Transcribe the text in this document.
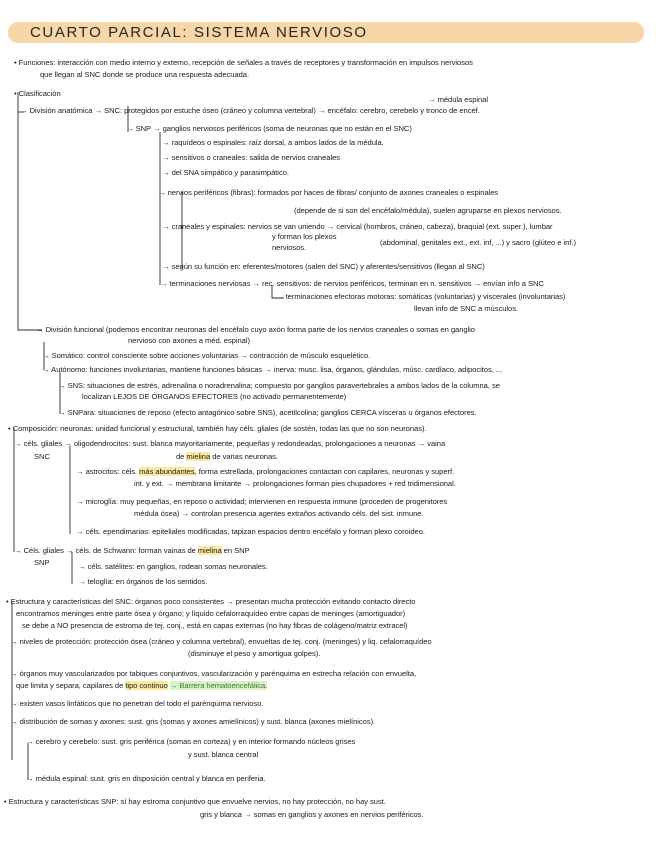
CUARTO PARCIAL: SISTEMA NERVIOSO
• Funciones: interacción con medio interno y externo, recepción de señales a través de receptores y transformación en impulsos nerviosos
que llegan al SNC donde se produce una respuesta adecuada.
• Clasificación
→ médula espinal
→ División anatómica → SNC: protegidos por estuche óseo (cráneo y columna vertebral) → encéfalo: cerebro, cerebelo y tronco de encéf.
→ SNP → ganglios nerviosos periféricos (soma de neuronas que no están en el SNC)
→ raquídeos o espinales: raíz dorsal, a ambos lados de la médula.
→ sensitivos o craneales: salida de nervios craneales
→ del SNA simpático y parasimpático.
→ nervios periféricos (fibras): formados por haces de fibras/ conjunto de axones craneales o espinales
(depende de si son del encéfalo/médula), suelen agruparse en plexos nerviosos.
→ craneales y espinales: nervios se van uniendo → cervical (hombros, cráneo, cabeza), braquial (ext. super.), lumbar
y forman los plexos
nerviosos.
(abdominal, genitales ext., ext. inf, ...) y sacro (glúteo e inf.)
→ según su función en: eferentes/motores (salen del SNC) y aferentes/sensitivos (llegan al SNC)
→ terminaciones nerviosas → rec. sensitivos: de nervios periféricos, terminan en n. sensitivos → envían info a SNC
→ terminaciones efectoras motoras: somáticas (voluntarias) y viscerales (involuntarias)
llevan info de SNC a músculos.
→ División funcional (podemos encontrar neuronas del encéfalo cuyo axón forma parte de los nervios craneales o somas en ganglio
nervioso con axones a méd. espinal)
→ Somático: control consciente sobre acciones voluntarias → contracción de músculo esquelético.
→ Autónomo: funciones involuntarias, mantiene funciones básicas → inerva: musc. lisa, órganos, glándulas, músc. cardíaco, adipocitos, ...
→ SNS: situaciones de estrés, adrenalina o noradrenalina; compuesto por ganglios paravertebrales a ambos lados de la columna, se
localizan LEJOS DE ÓRGANOS EFECTORES (no activado permanentemente)
→ SNPara: situaciones de reposo (efecto antagónico sobre SNS), acetilcolina; ganglios CERCA vísceras u órganos efectores.
• Composición: neuronas: unidad funcional y estructural, también hay céls. gliales (de sostén, todas las que no son neuronas).
→ céls. gliales → oligodendrocitos: sust. blanca mayoritariamente, pequeñas y redondeadas, prolongaciones a neuronas → vaina
SNC	de mielina de varias neuronas.
→ astrocitos: céls. más abundantes, forma estrellada, prolongaciones contactan con capilares, neuronas y superf.
int. y ext. → membrana limitante → prolongaciones forman pies chupadores + red tridimensional.
→ microglía: muy pequeñas, en reposo o actividad; intervienen en respuesta inmune (proceden de progenitores
médula ósea) → controlan presencia agentes extraños activando céls. del sist. inmune.
→ céls. ependimarias: epiteliales modificadas, tapizan espacios dentro encéfalo y forman plexo coroideo.
→ Céls. gliales → céls. de Schwann: forman vainas de mielina en SNP
SNP	→ céls. satélites: en ganglios, rodean somas neuronales.
→ teloglía: en órganos de los sentidos.
• Estructura y características del SNC: órganos poco consistentes → presentan mucha protección evitando contacto directo
encontramos meninges entre parte ósea y órgano; y líquido cefalorraquídeo entre capas de meninges (amortiguador)
se debe a NO presencia de estroma de tej. conj., está en capas externas (no hay fibras de colágeno/matriz extracel)
→ niveles de protección: protección ósea (cráneo y columna vertebral), envueltas de tej. conj. (meninges) y liq. cefalorraquídeo
(disminuye el peso y amortigua golpes).
→ órganos muy vascularizados por tabiques conjuntivos, vascularización y parénquima en estrecha relación con envuelta,
que limita y separa, capilares de tipo continuo → Barrera hematoencefálica.
→ existen vasos linfáticos que no penetran del todo el parénquima nervioso.
→ distribución de somas y axones: sust. gris (somas y axones amielínicos) y sust. blanca (axones mielínicos).
→ cerebro y cerebelo: sust. gris periférica (somas en corteza) y en interior formando núcleos grises
y sust. blanca central
→ médula espinal: sust. gris en disposición central y blanca en periferia.
• Estructura y características SNP: sí hay estroma conjuntivo que envuelve nervios, no hay protección, no hay sust.
gris y blanca → somas en ganglios y axones en nervios periféricos.
